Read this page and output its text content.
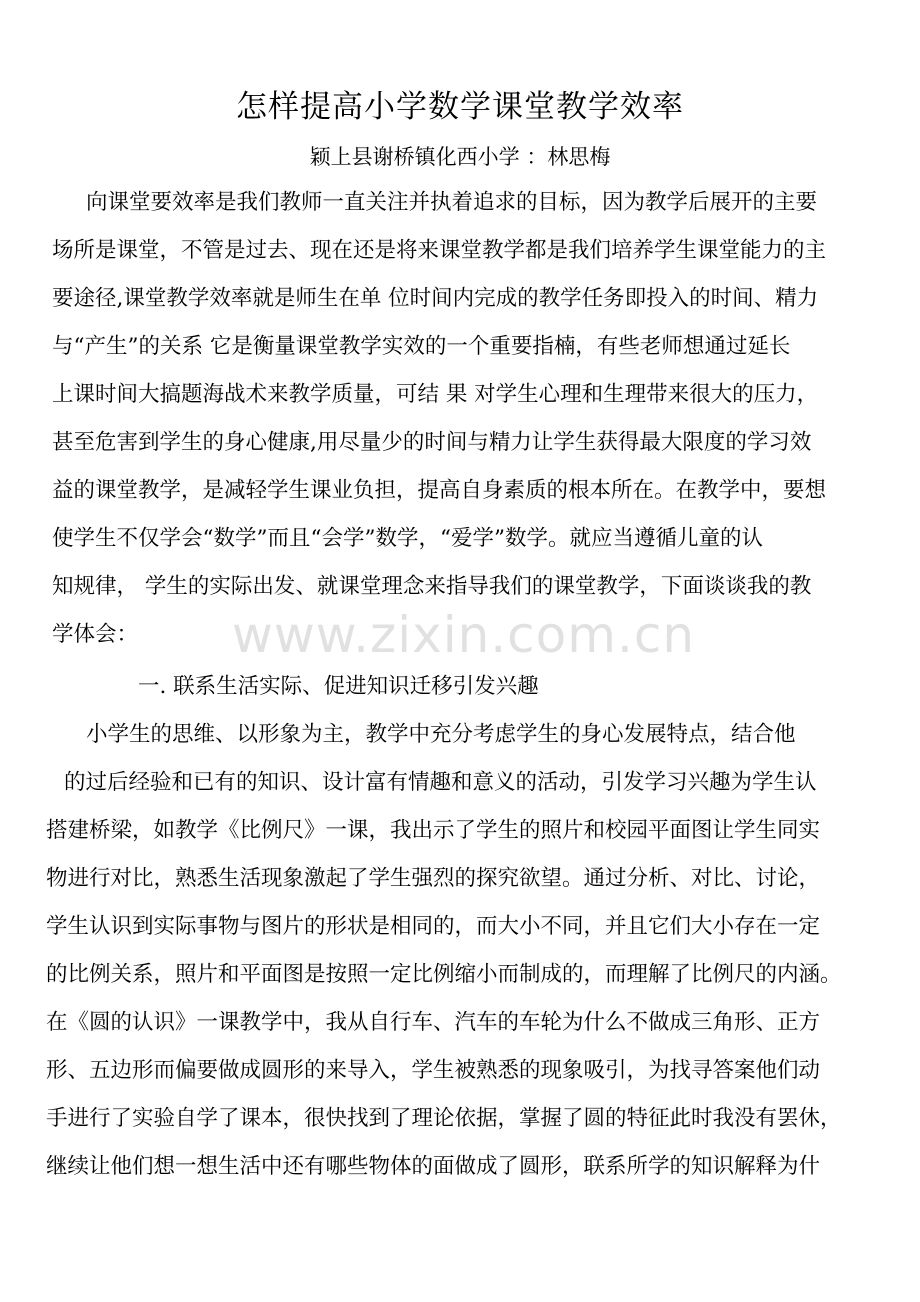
怎样提高小学数学课堂教学效率
颖上县谢桥镇化西小学 ：林思梅
向课堂要效率是我们教师一直关注并执着追求的目标，因为教学后展开的主要
场所是课堂，不管是过去、现在还是将来课堂教学都是我们培养学生课堂能力的主
要途径,课堂教学效率就是师生在单 位时间内完成的教学任务即投入的时间、精力
与“产生”的关系 它是衡量课堂教学实效的一个重要指楠，有些老师想通过延长
上课时间大搞题海战术来教学质量，可结 果 对学生心理和生理带来很大的压力，
甚至危害到学生的身心健康,用尽量少的时间与精力让学生获得最大限度的学习效
益的课堂教学，是减轻学生课业负担，提高自身素质的根本所在。在教学中，要想
使学生不仅学会“数学”而且“会学”数学，“爱学”数学。就应当遵循儿童的认
知规律， 学生的实际出发、就课堂理念来指导我们的课堂教学，下面谈谈我的教
学体会： www.zixin.com.cn
一. 联系生活实际、促进知识迁移引发兴趣
小学生的思维、以形象为主，教学中充分考虑学生的身心发展特点，结合他
的过后经验和已有的知识、设计富有情趣和意义的活动，引发学习兴趣为学生认
搭建桥梁，如教学《比例尺》一课，我出示了学生的照片和校园平面图让学生同实
物进行对比，熟悉生活现象激起了学生强烈的探究欲望。通过分析、对比、讨论，
学生认识到实际事物与图片的形状是相同的，而大小不同，并且它们大小存在一定
的比例关系，照片和平面图是按照一定比例缩小而制成的，而理解了比例尺的内涵。
在《圆的认识》一课教学中，我从自行车、汽车的车轮为什么不做成三角形、正方
形、五边形而偏要做成圆形的来导入，学生被熟悉的现象吸引，为找寻答案他们动
手进行了实验自学了课本，很快找到了理论依据，掌握了圆的特征此时我没有罢休，
继续让他们想一想生活中还有哪些物体的面做成了圆形，联系所学的知识解释为什
